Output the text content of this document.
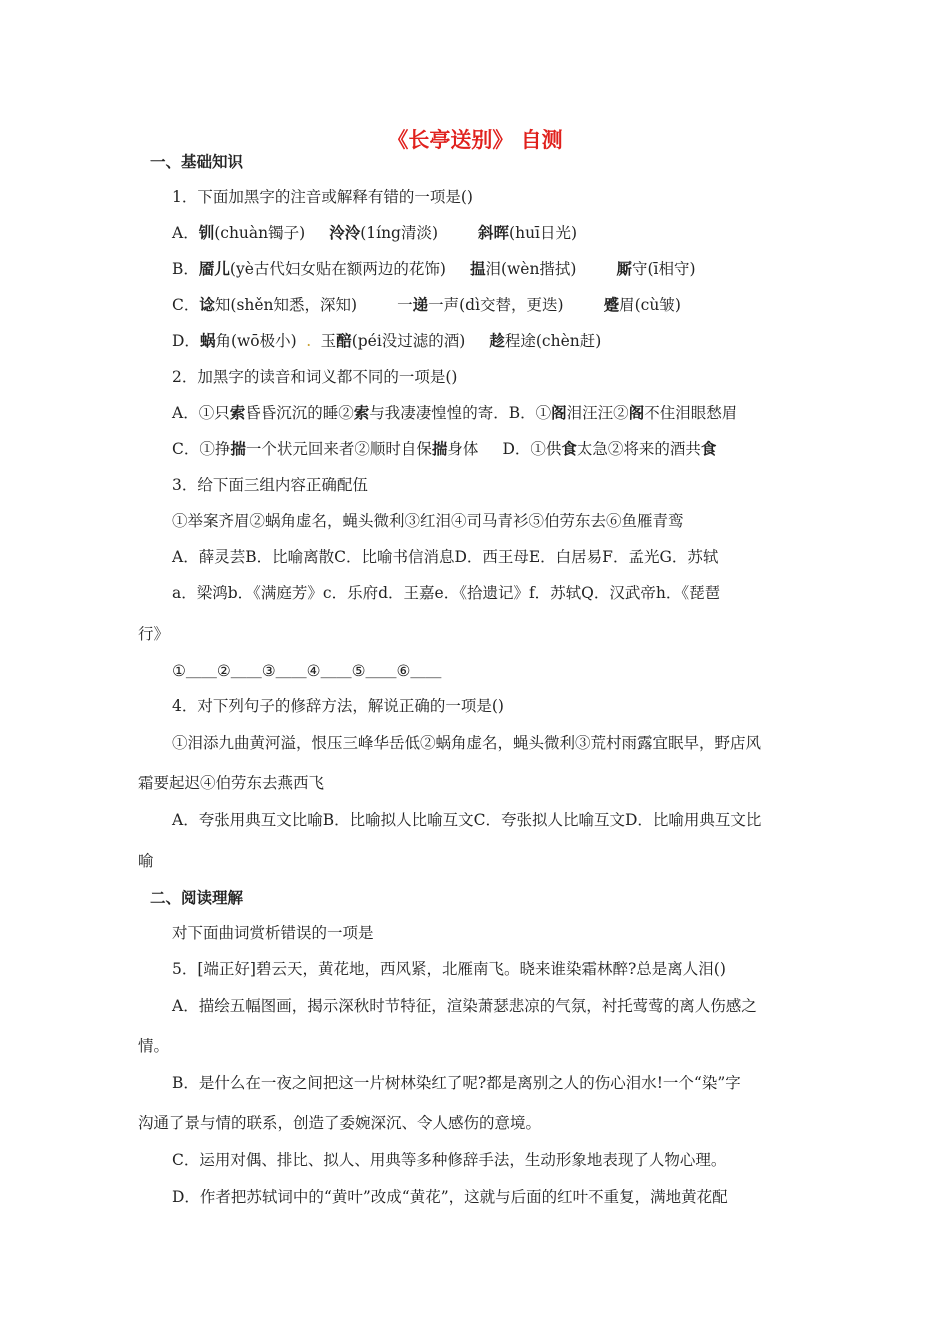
《长亭送别》 自测
一、基础知识
1．下面加黑字的注音或解释有错的一项是()
A．钏(chuàn镯子) 泠泠(1íng清淡)	斜晖(huī日光)
B．靥儿(yè古代妇女贴在额两边的花饰) 揾泪(wèn揩拭)	厮守(ī相守)
C．谂知(shěn知悉，深知)	一递一声(dì交替，更迭)	蹙眉(cù皱)
D．蜗角(wō极小) . 玉醅(péi没过滤的酒) 趁程途(chèn赶)
2．加黑字的读音和词义都不同的一项是()
A．①只索昏昏沉沉的睡②索与我凄凄惶惶的寄．B．①阁泪汪汪②阁不住泪眼愁眉
C．①挣揣一个状元回来者②顺时自保揣身体 D．①供食太急②将来的酒共食
3．给下面三组内容正确配伍
①举案齐眉②蜗角虚名，蝇头微利③红泪④司马青衫⑤伯劳东去⑥鱼雁青鸾
A．薛灵芸B．比喻离散C．比喻书信消息D．西王母E．白居易F．孟光G．苏轼
a．梁鸿b．《满庭芳》c．乐府d．王嘉e．《拾遗记》f．苏轼Q．汉武帝h．《琵琶
行》
①＿＿②＿＿③＿＿④＿＿⑤＿＿⑥＿＿
4．对下列句子的修辞方法，解说正确的一项是()
①泪添九曲黄河溢，恨压三峰华岳低②蜗角虚名，蝇头微利③荒村雨露宜眠早，野店风
霜要起迟④伯劳东去燕西飞
A．夸张用典互文比喻B．比喻拟人比喻互文C．夸张拟人比喻互文D．比喻用典互文比
喻
二、阅读理解
对下面曲词赏析错误的一项是
5．[端正好]碧云天，黄花地，西风紧，北雁南飞。晓来谁染霜林醉?总是离人泪()
A．描绘五幅图画，揭示深秋时节特征，渲染萧瑟悲凉的气氛，衬托莺莺的离人伤感之
情。
B．是什么在一夜之间把这一片树林染红了呢?都是离别之人的伤心泪水!一个“染”字
沟通了景与情的联系，创造了委婉深沉、令人感伤的意境。
C．运用对偶、排比、拟人、用典等多种修辞手法，生动形象地表现了人物心理。
D．作者把苏轼词中的“黄叶”改成“黄花”，这就与后面的红叶不重复，满地黄花配
